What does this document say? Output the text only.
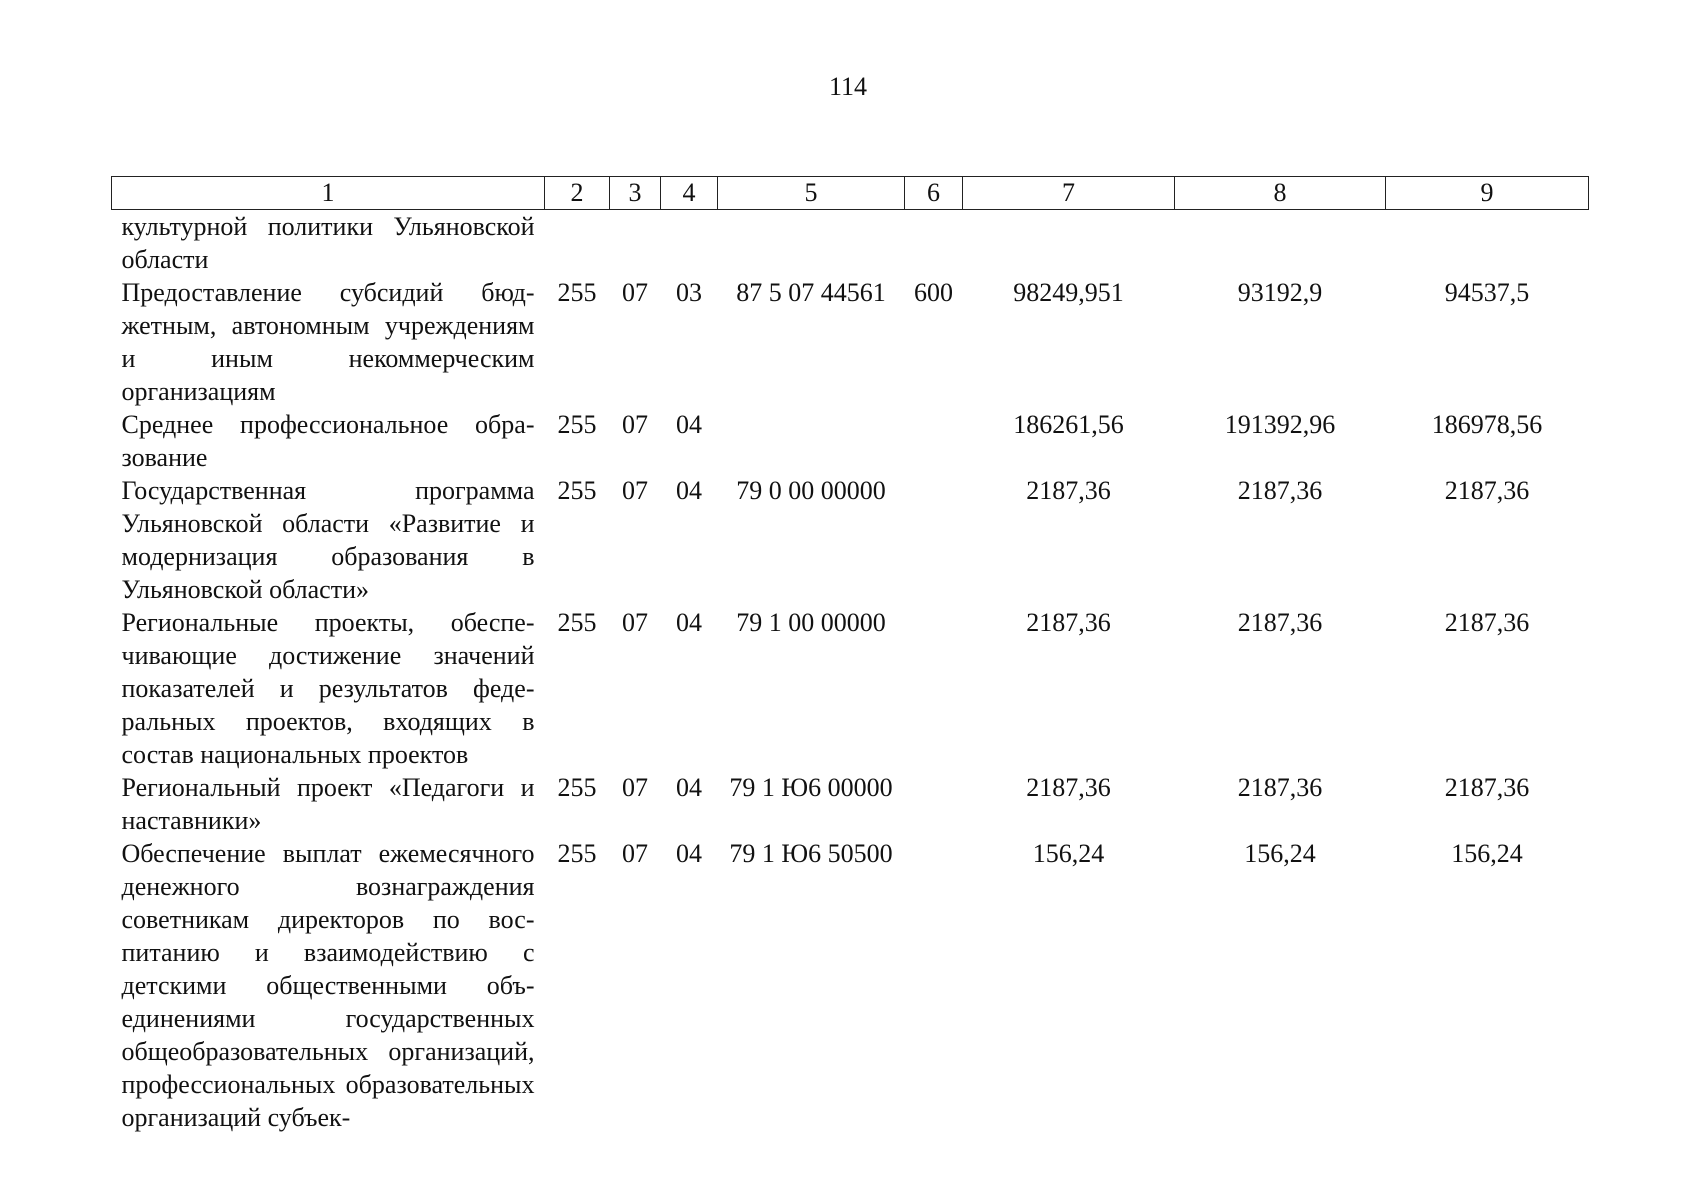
114
1	2	3	4	5	6	7	8	9
культурной политики Ульяновской области								
Предоставление субсидий бюджетным, автономным учреждениям и иным некоммерческим организациям	255	07	03	87 5 07 44561	600	98249,951	93192,9	94537,5
Среднее профессиональное образование	255	07	04			186261,56	191392,96	186978,56
Государственная программа Ульяновской области «Развитие и модернизация образования в Ульяновской области»	255	07	04	79 0 00 00000		2187,36	2187,36	2187,36
Региональные проекты, обеспечивающие достижение значений показателей и результатов федеральных проектов, входящих в состав национальных проектов	255	07	04	79 1 00 00000		2187,36	2187,36	2187,36
Региональный проект «Педагоги и наставники»	255	07	04	79 1 Ю6 00000		2187,36	2187,36	2187,36
Обеспечение выплат ежемесячного денежного вознаграждения советникам директоров по воспитанию и взаимодействию с детскими общественными объединениями государственных общеобразовательных организаций, профессиональных образовательных организаций субъек-	255	07	04	79 1 Ю6 50500		156,24	156,24	156,24
